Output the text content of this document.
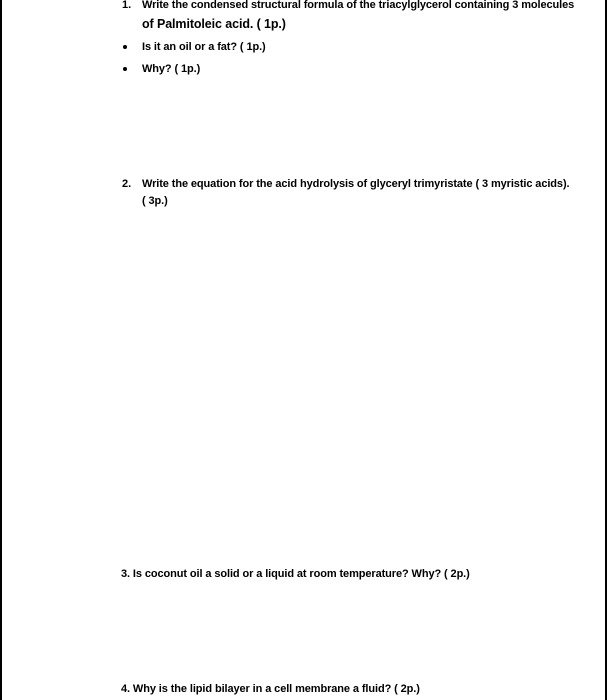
1. Write the condensed structural formula of the triacylglycerol containing 3 molecules
of Palmitoleic acid. ( 1p.)
Is it an oil or a fat? ( 1p.)
Why? ( 1p.)
2. Write the equation for the acid hydrolysis of glyceryl trimyristate ( 3 myristic acids).
( 3p.)
3. Is coconut oil a solid or a liquid at room temperature? Why? ( 2p.)
4. Why is the lipid bilayer in a cell membrane a fluid? ( 2p.)
